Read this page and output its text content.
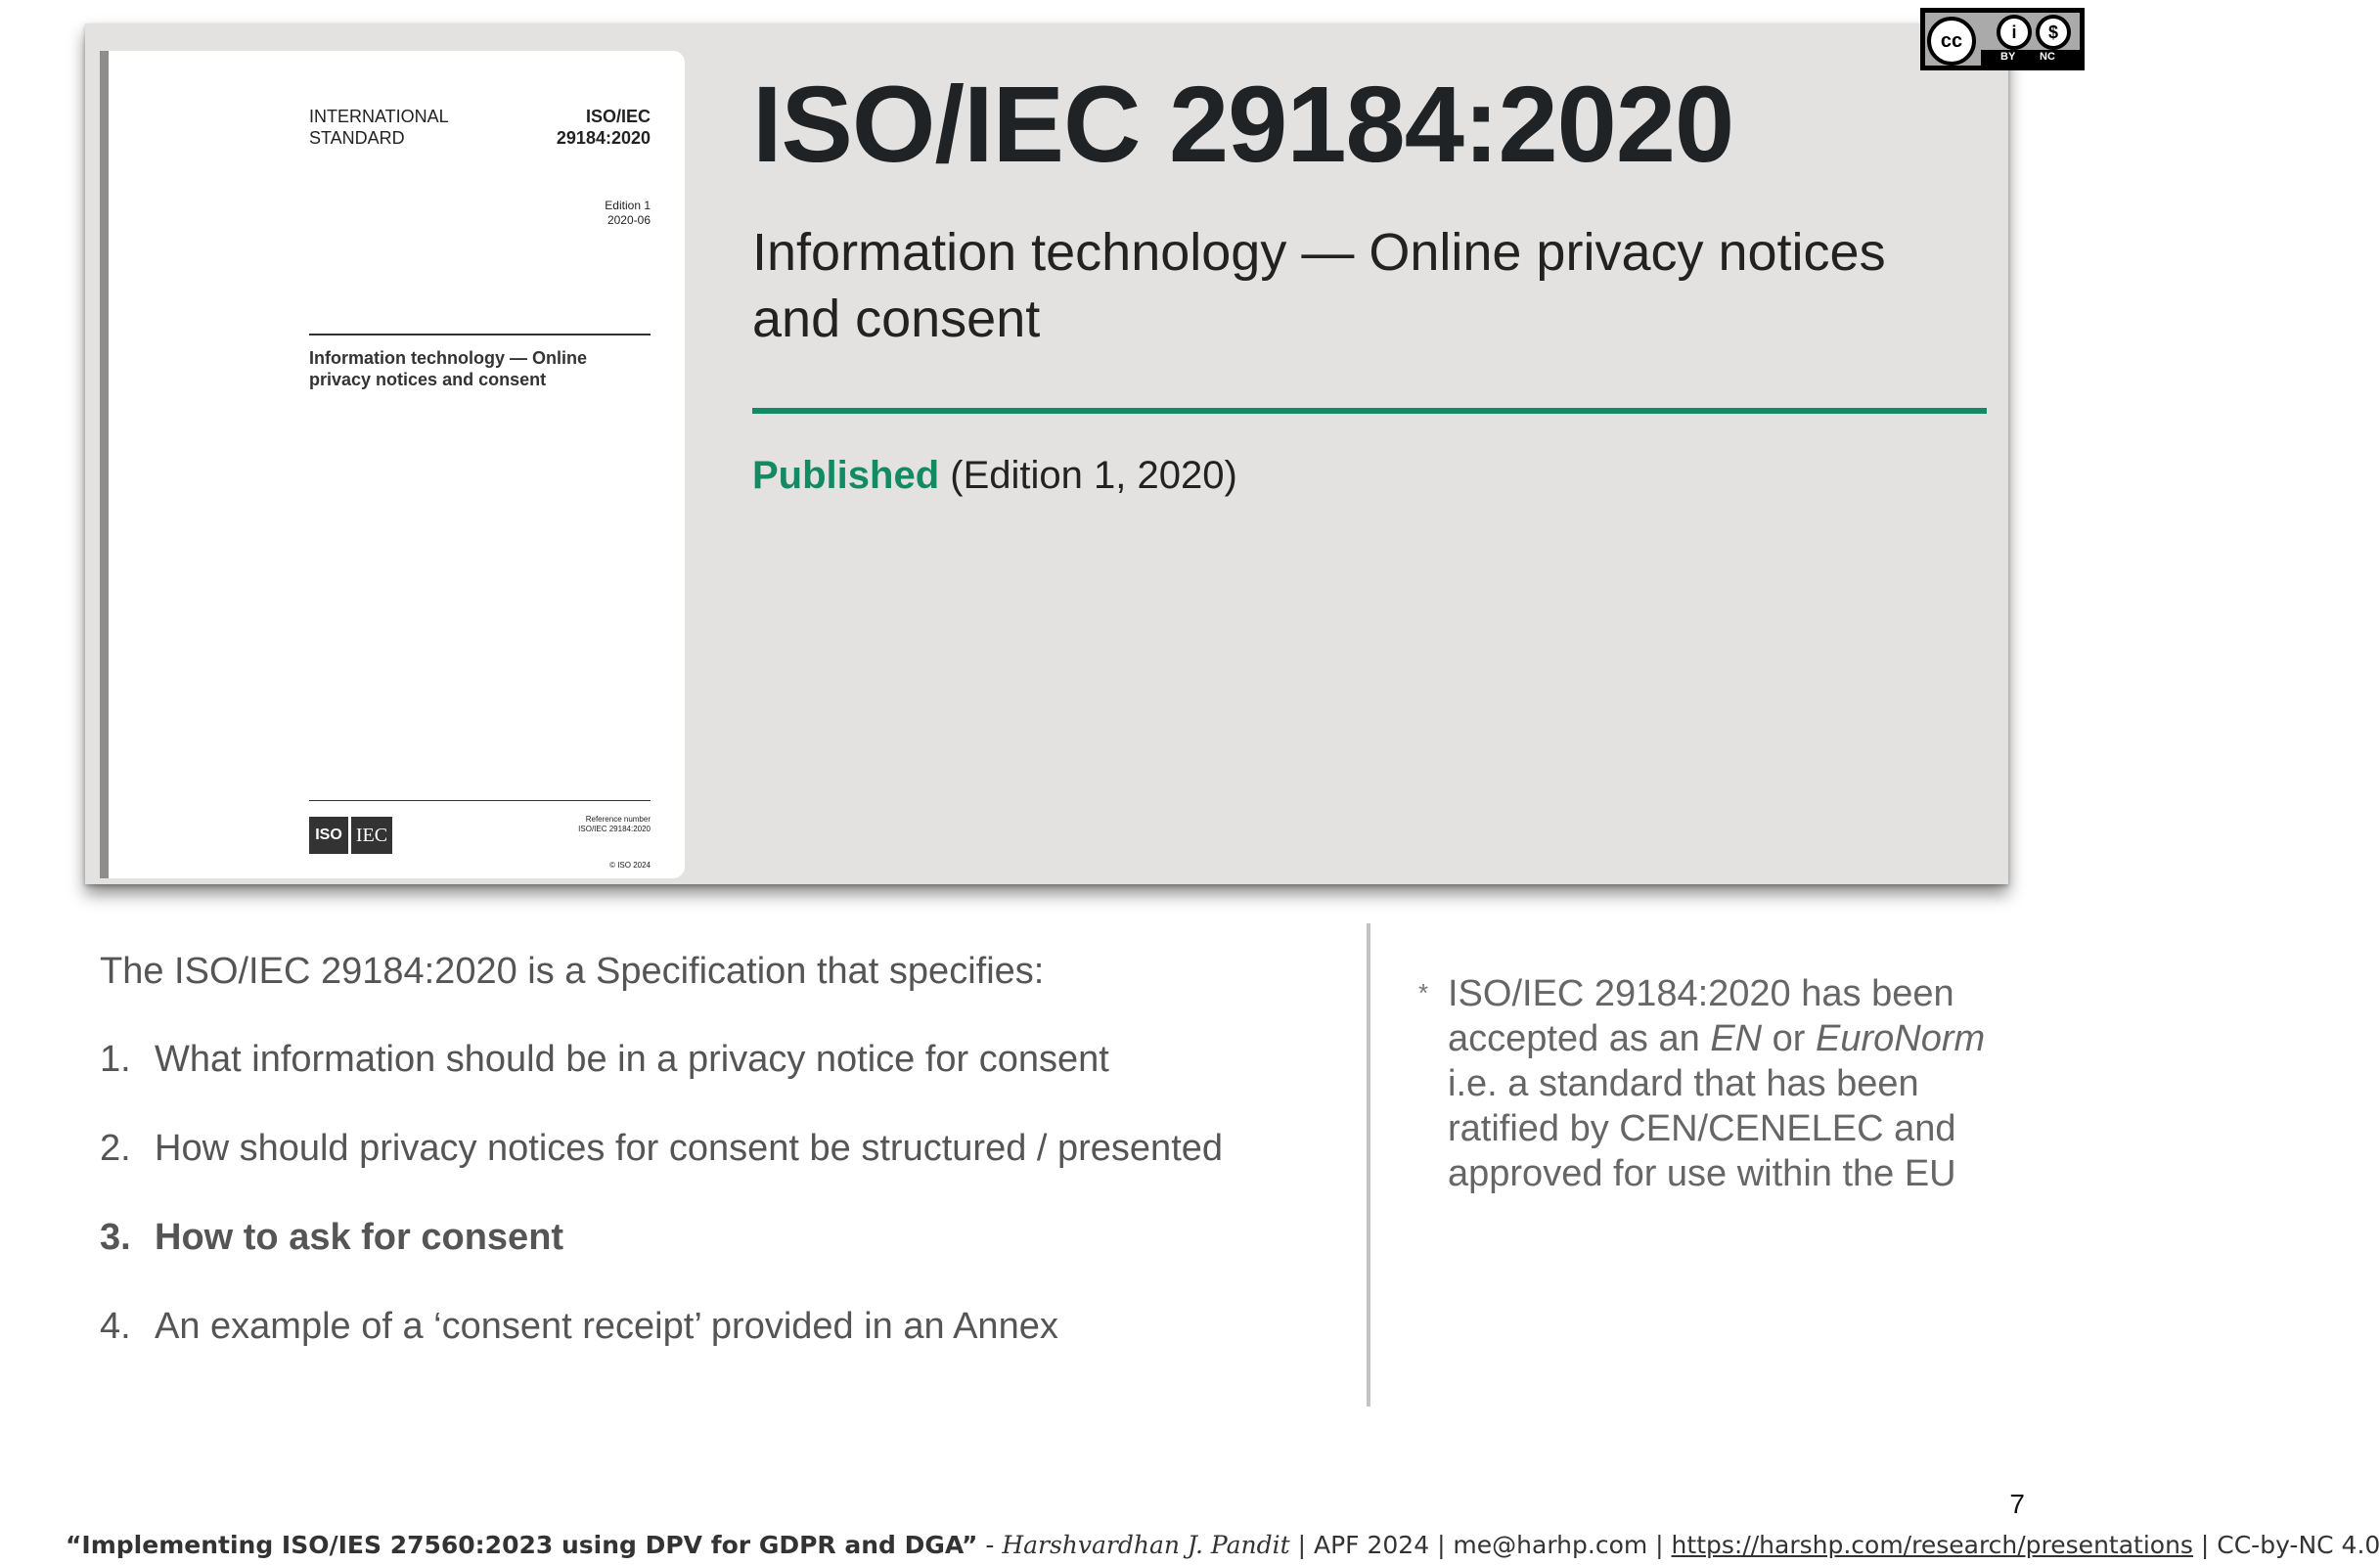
INTERNATIONAL
STANDARD
ISO/IEC
29184:2020
Edition 1
2020-06
Information technology — Online
privacy notices and consent
ISO IEC
Reference number
ISO/IEC 29184:2020
© ISO 2024
ISO/IEC 29184:2020
Information technology — Online privacy notices and consent
Published (Edition 1, 2020)
cc	i	$
BY NC
The ISO/IEC 29184:2020 is a Specification that specifies:
1. What information should be in a privacy notice for consent
2. How should privacy notices for consent be structured / presented
3. How to ask for consent
4. An example of a ‘consent receipt’ provided in an Annex
* ISO/IEC 29184:2020 has been accepted as an EN or EuroNorm i.e. a standard that has been ratified by CEN/CENELEC and approved for use within the EU
7
“Implementing ISO/IES 27560:2023 using DPV for GDPR and DGA” - Harshvardhan J. Pandit | APF 2024 | me@harhp.com | https://harshp.com/research/presentations | CC-by-NC 4.0
